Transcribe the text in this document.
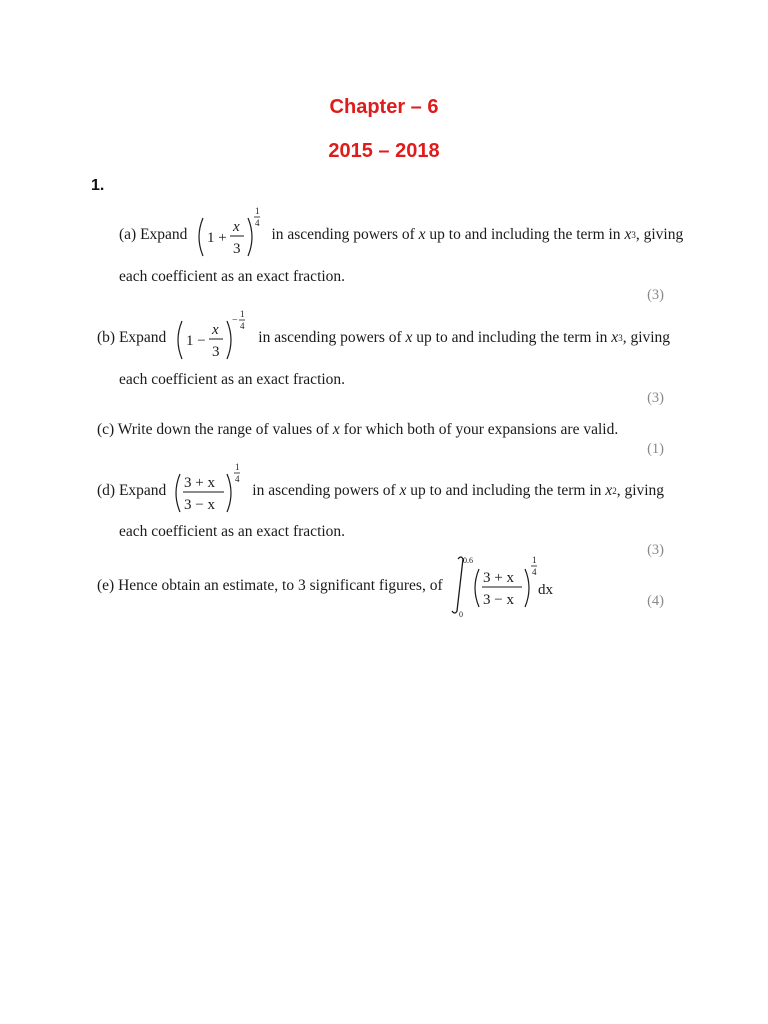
Chapter – 6
2015 – 2018
1.
(a) Expand 1 +
x
3
1
4
in ascending powers of
x
up to and including the term in
x 3 , giving
each coefficient as an exact fraction.
(3)
(b) Expand 1 −
x
3
−
1
4
in ascending powers of
x
up to and including the term in
x 3 , giving
each coefficient as an exact fraction.
(3)
(c) Write down the range of values of x for which both of your expansions are valid.
(1)
(d) Expand 3 + x
3 − x
1
4
in ascending powers of
x
up to and including the term in
x 2 , giving
each coefficient as an exact fraction.
(3)
(e) Hence obtain an estimate, to 3 significant figures, of
0.6
0
3 + x
3 − x
1
4
dx
(4)
